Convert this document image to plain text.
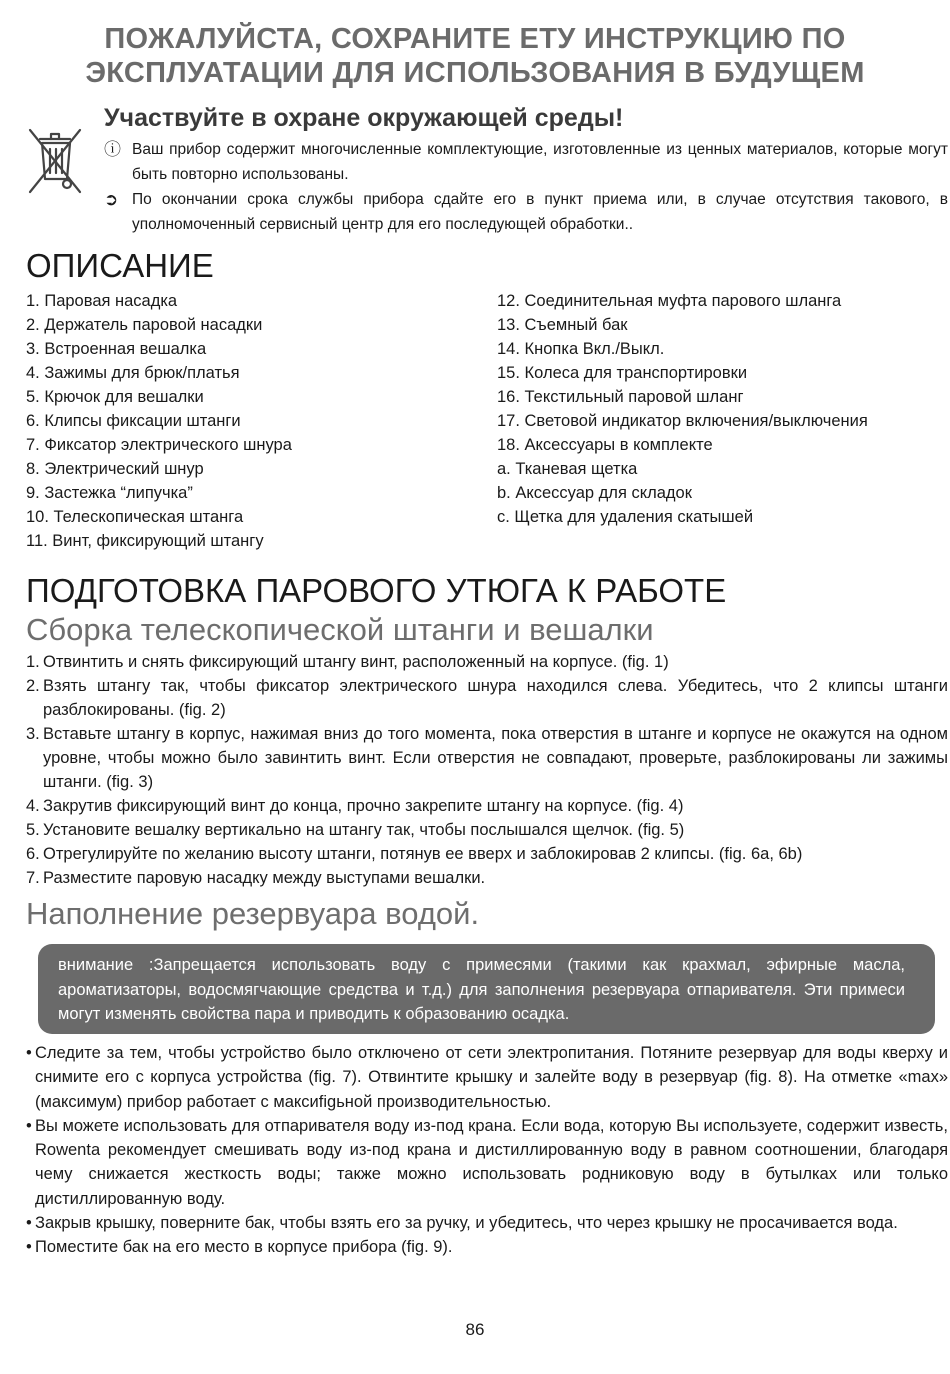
ПОЖАЛУЙСТА, СОХРАНИТЕ ЕТУ ИНСТРУКЦИЮ ПО
ЭКСПЛУАТАЦИИ ДЛЯ ИСПОЛЬЗОВАНИЯ В БУДУЩЕМ
Участвуйте в охране окружающей среды!
ⓘ Ваш прибор содержит многочисленные комплектующие, изготовленные из ценных материалов, которые могут быть повторно использованы.
➲ По окончании срока службы прибора сдайте его в пункт приема или, в случае отсутствия такового, в уполномоченный сервисный центр для его последующей обработки..
ОПИСАНИЕ
1. Паровая насадка
2. Держатель паровой насадки
3. Встроенная вешалка
4. Зажимы для брюк/платья
5. Крючок для вешалки
6. Клипсы фиксации штанги
7. Фиксатор электрического шнура
8. Электрический шнур
9. Застежка “липучка”
10. Телескопическая штанга
11. Винт, фиксирующий штангу
12. Соединительная муфта парового шланга
13. Съемный бак
14. Кнопка Вкл./Выкл.
15. Колеса для транспортировки
16. Текстильный паровой шланг
17. Световой индикатор включения/выключения
18. Аксессуары в комплекте
a. Тканевая щетка
b. Аксессуар для складок
c. Щетка для удаления скатышей
ПОДГОТОВКА ПАРОВОГО УТЮГА К РАБОТЕ
Сборка телескопической штанги и вешалки
1. Отвинтить и снять фиксирующий штангу винт, расположенный на корпусе. (fig. 1)
2. Взять штангу так, чтобы фиксатор электрического шнура находился слева. Убедитесь, что 2 клипсы штанги разблокированы. (fig. 2)
3. Вставьте штангу в корпус, нажимая вниз до того момента, пока отверстия в штанге и корпусе не окажутся на одном уровне, чтобы можно было завинтить винт. Если отверстия не совпадают, проверьте, разблокированы ли зажимы штанги. (fig. 3)
4. Закрутив фиксирующий винт до конца, прочно закрепите штангу на корпусе. (fig. 4)
5. Установите вешалку вертикально на штангу так, чтобы послышался щелчок. (fig. 5)
6. Отрегулируйте по желанию высоту штанги, потянув ее вверх и заблокировав 2 клипсы. (fig. 6a, 6b)
7. Разместите паровую насадку между выступами вешалки.
Наполнение резервуара водой.
внимание :Запрещается использовать воду с примесями (такими как крахмал, эфирные масла, ароматизаторы, водосмягчающие средства и т.д.) для заполнения резервуара отпаривателя. Эти примеси могут изменять свойства пара и приводить к образованию осадка.
• Следите за тем, чтобы устройство было отключено от сети электропитания. Потяните резервуар для воды кверху и снимите его с корпуса устройства (fig. 7). Отвинтите крышку и залейте воду в резервуар (fig. 8). На отметке «max» (максимум) прибор работает с максиfigьной производительностью.
• Вы можете использовать для отпаривателя воду из-под крана. Если вода, которую Вы используете, содержит известь, Rowenta рекомендует смешивать воду из-под крана и дистиллированную воду в равном соотношении, благодаря чему снижается жесткость воды; также можно использовать родниковую воду в бутылках или только дистиллированную воду.
• Закрыв крышку, поверните бак, чтобы взять его за ручку, и убедитесь, что через крышку не просачивается вода.
• Поместите бак на его место в корпусе прибора (fig. 9).
86
